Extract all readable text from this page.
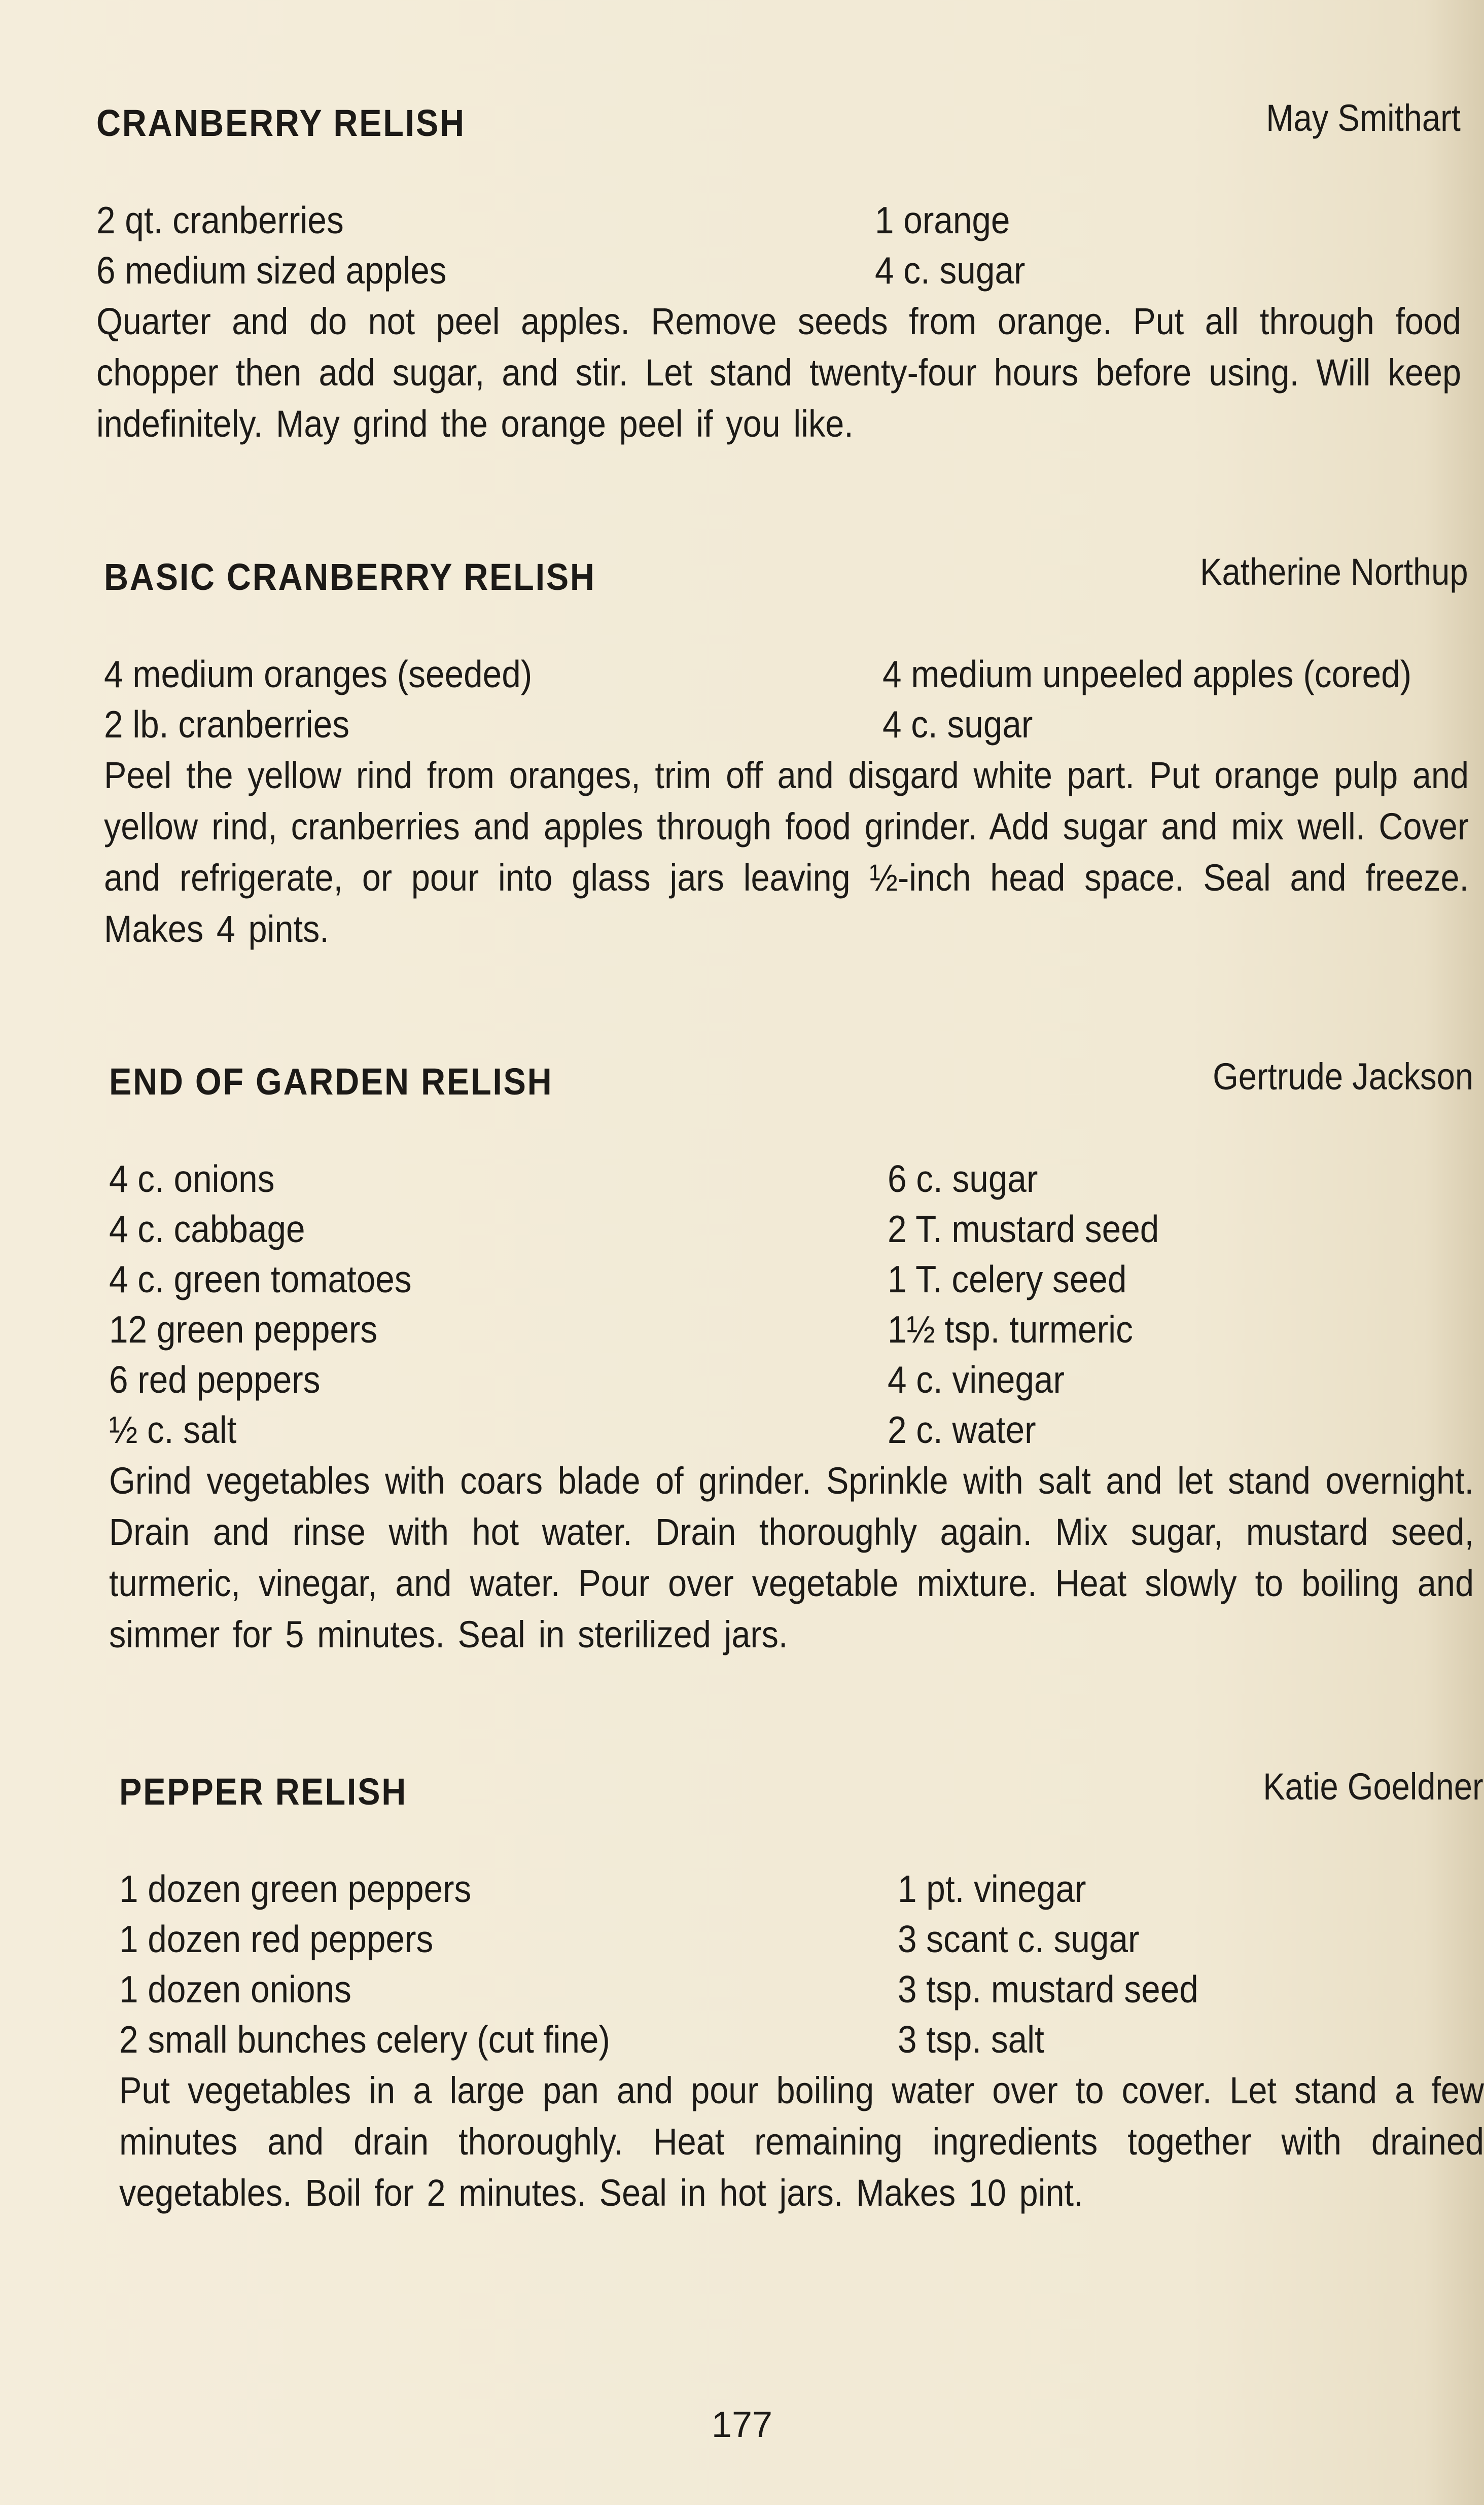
CRANBERRY RELISH	May Smithart
2 qt. cranberries	1 orange
6 medium sized apples	4 c. sugar
Quarter and do not peel apples. Remove seeds from orange. Put all through food chopper then add sugar, and stir. Let stand twenty-four hours before using. Will keep indefinitely. May grind the orange peel if you like.
BASIC CRANBERRY RELISH	Katherine Northup
4 medium oranges (seeded)	4 medium unpeeled apples (cored)
2 lb. cranberries	4 c. sugar
Peel the yellow rind from oranges, trim off and disgard white part. Put orange pulp and yellow rind, cranberries and apples through food grinder. Add sugar and mix well. Cover and refrigerate, or pour into glass jars leaving ½-inch head space. Seal and freeze. Makes 4 pints.
END OF GARDEN RELISH	Gertrude Jackson
4 c. onions	6 c. sugar
4 c. cabbage	2 T. mustard seed
4 c. green tomatoes	1 T. celery seed
12 green peppers	1½ tsp. turmeric
6 red peppers	4 c. vinegar
½ c. salt	2 c. water
Grind vegetables with coars blade of grinder. Sprinkle with salt and let stand overnight. Drain and rinse with hot water. Drain thoroughly again. Mix sugar, mustard seed, turmeric, vinegar, and water. Pour over vegetable mixture. Heat slowly to boiling and simmer for 5 minutes. Seal in sterilized jars.
PEPPER RELISH	Katie Goeldner
1 dozen green peppers	1 pt. vinegar
1 dozen red peppers	3 scant c. sugar
1 dozen onions	3 tsp. mustard seed
2 small bunches celery (cut fine)	3 tsp. salt
Put vegetables in a large pan and pour boiling water over to cover. Let stand a few minutes and drain thoroughly. Heat remaining ingredients together with drained vegetables. Boil for 2 minutes. Seal in hot jars. Makes 10 pint.
177
